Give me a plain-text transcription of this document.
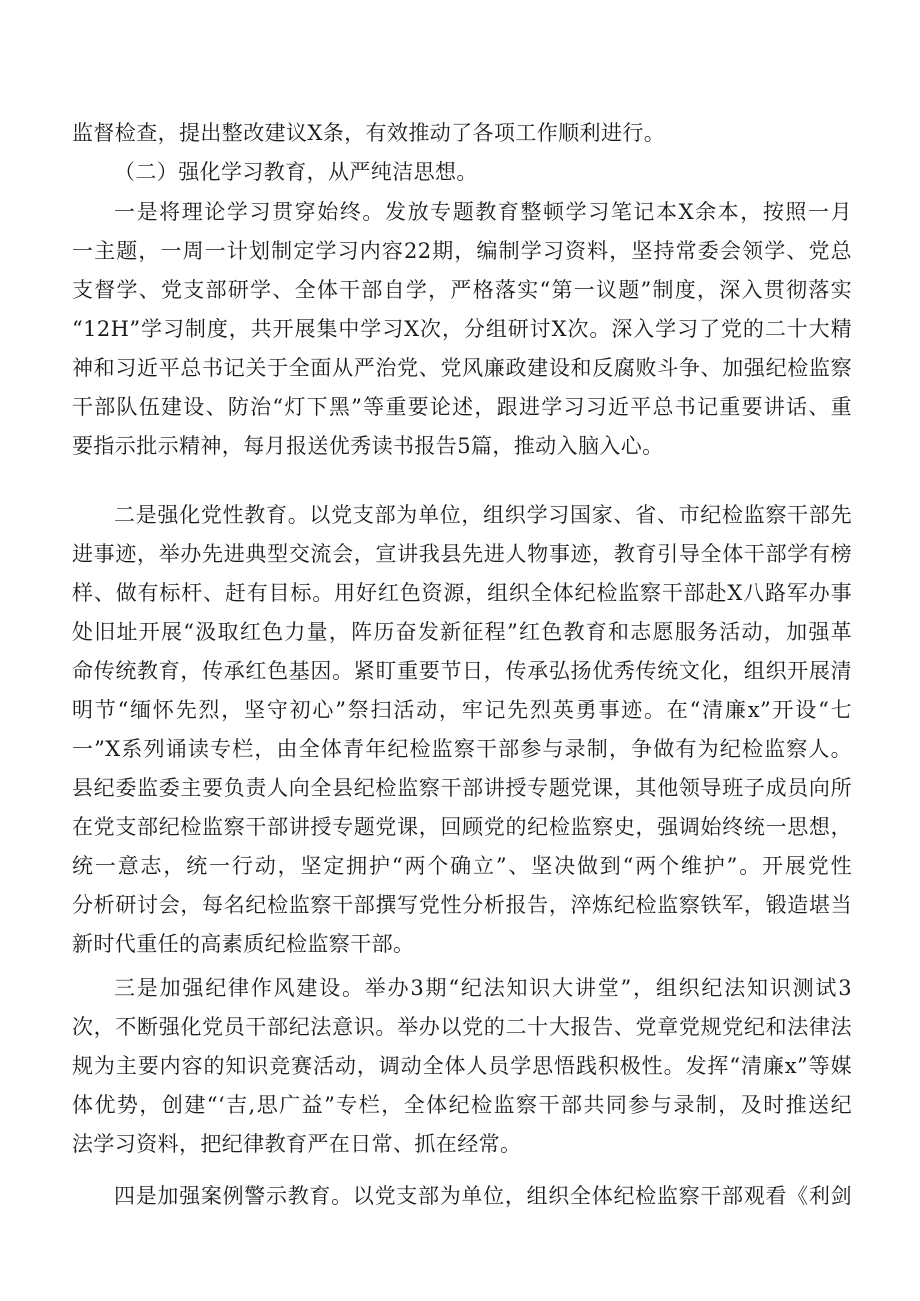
监督检查，提出整改建议X条，有效推动了各项工作顺利进行。
（二）强化学习教育，从严纯洁思想。
一是将理论学习贯穿始终。发放专题教育整顿学习笔记本X余本，按照一月
一主题，一周一计划制定学习内容22期，编制学习资料，坚持常委会领学、党总
支督学、党支部研学、全体干部自学，严格落实“第一议题”制度，深入贯彻落实
“12H”学习制度，共开展集中学习X次，分组研讨X次。深入学习了党的二十大精
神和习近平总书记关于全面从严治党、党风廉政建设和反腐败斗争、加强纪检监察
干部队伍建设、防治“灯下黑”等重要论述，跟进学习习近平总书记重要讲话、重
要指示批示精神，每月报送优秀读书报告5篇，推动入脑入心。
二是强化党性教育。以党支部为单位，组织学习国家、省、市纪检监察干部先
进事迹，举办先进典型交流会，宣讲我县先进人物事迹，教育引导全体干部学有榜
样、做有标杆、赶有目标。用好红色资源，组织全体纪检监察干部赴X八路军办事
处旧址开展“汲取红色力量，阵历奋发新征程”红色教育和志愿服务活动，加强革
命传统教育，传承红色基因。紧盯重要节日，传承弘扬优秀传统文化，组织开展清
明节“缅怀先烈，坚守初心”祭扫活动，牢记先烈英勇事迹。在“清廉x”开设“七
一”X系列诵读专栏，由全体青年纪检监察干部参与录制，争做有为纪检监察人。
县纪委监委主要负责人向全县纪检监察干部讲授专题党课，其他领导班子成员向所
在党支部纪检监察干部讲授专题党课，回顾党的纪检监察史，强调始终统一思想，
统一意志，统一行动，坚定拥护“两个确立”、坚决做到“两个维护”。开展党性
分析研讨会，每名纪检监察干部撰写党性分析报告，淬炼纪检监察铁军，锻造堪当
新时代重任的高素质纪检监察干部。
三是加强纪律作风建设。举办3期“纪法知识大讲堂”，组织纪法知识测试3
次，不断强化党员干部纪法意识。举办以党的二十大报告、党章党规党纪和法律法
规为主要内容的知识竞赛活动，调动全体人员学思悟践积极性。发挥“清廉x”等媒
体优势，创建“‘吉,思广益”专栏，全体纪检监察干部共同参与录制，及时推送纪
法学习资料，把纪律教育严在日常、抓在经常。
四是加强案例警示教育。以党支部为单位，组织全体纪检监察干部观看《利剑
